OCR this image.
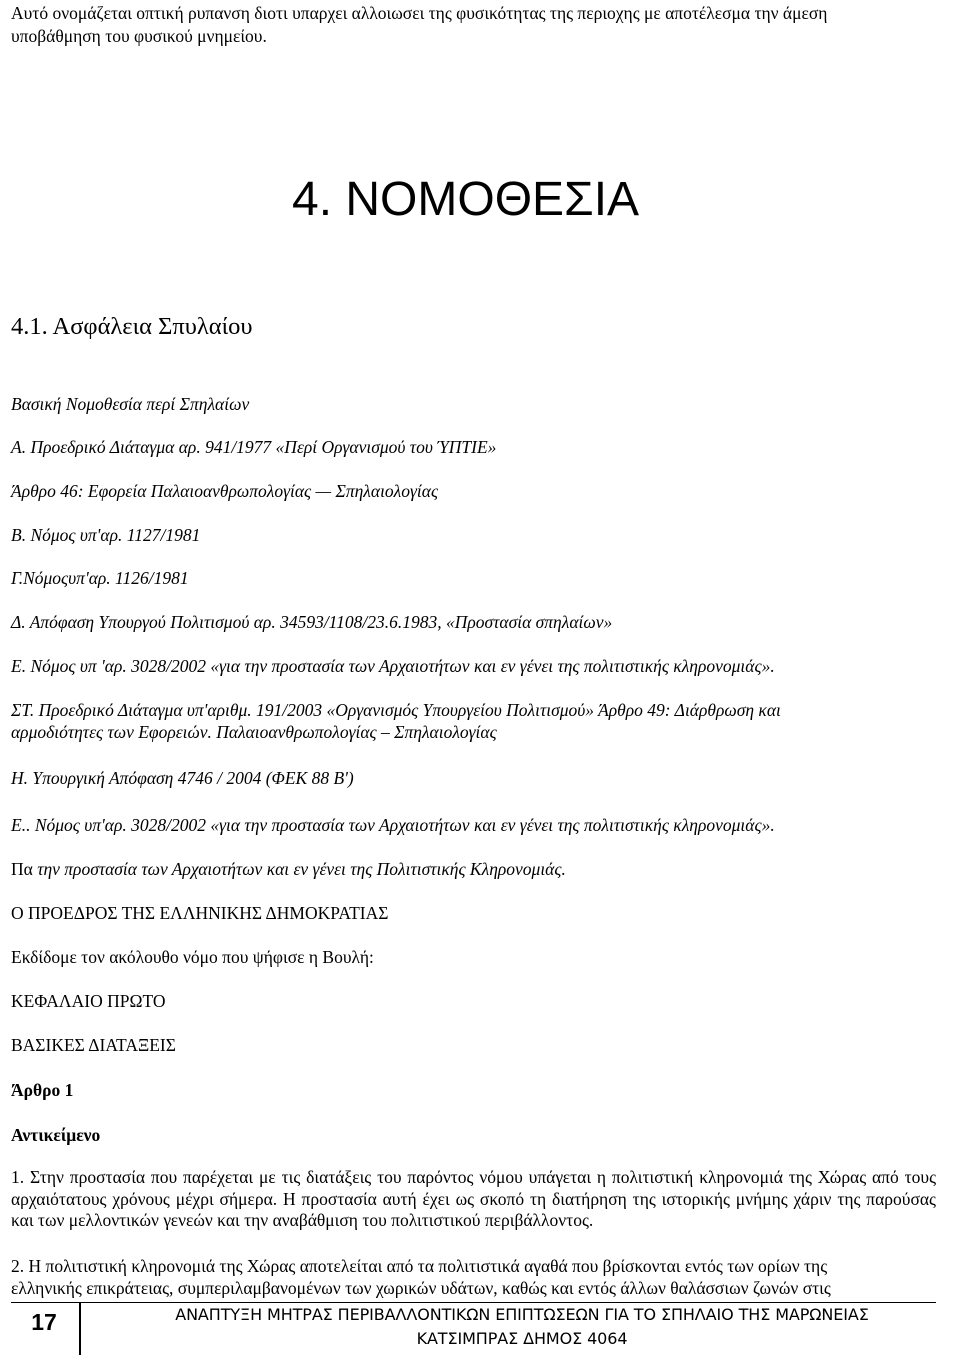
Αυτό ονομάζεται οπτική ρυπανση διοτι υπαρχει αλλοιωσει της φυσικότητας της περιοχης με αποτέλεσμα την άμεση
υποβάθμηση του φυσικού μνημείου.
4. ΝΟΜΟΘΕΣΙΑ
4.1. Ασφάλεια Σπυλαίου
Βασική Νομοθεσία περί Σπηλαίων
Α. Προεδρικό Διάταγμα αρ. 941/1977 «Περί Οργανισμού του ΎΠΤΙΕ»
Άρθρο 46: Εφορεία Παλαιοανθρωπολογίας — Σπηλαιολογίας
Β. Νόμος υπ'αρ. 1127/1981
Γ.Νόμοςυπ'αρ. 1126/1981
Δ. Απόφαση Υπουργού Πολιτισμού αρ. 34593/1108/23.6.1983, «Προστασία σπηλαίων»
Ε. Νόμος υπ 'αρ. 3028/2002 «για την προστασία των Αρχαιοτήτων και εν γένει της πολιτιστικής κληρονομιάς».
ΣΤ. Προεδρικό Διάταγμα υπ'αριθμ. 191/2003 «Οργανισμός Υπουργείου Πολιτισμού» Άρθρο 49: Διάρθρωση και
αρμοδιότητες των Εφορειών. Παλαιοανθρωπολογίας – Σπηλαιολογίας
Η. Υπουργική Απόφαση 4746 / 2004 (ΦΕΚ 88 Β')
Ε.. Νόμος υπ'αρ. 3028/2002 «για την προστασία των Αρχαιοτήτων και εν γένει της πολιτιστικής κληρονομιάς».
Πα την προστασία των Αρχαιοτήτων και εν γένει της Πολιτιστικής Κληρονομιάς.
Ο ΠΡΟΕΔΡΟΣ ΤΗΣ ΕΛΛΗΝΙΚΗΣ ΔΗΜΟΚΡΑΤΙΑΣ
Εκδίδομε τον ακόλουθο νόμο που ψήφισε η Βουλή:
ΚΕΦΑΛΑΙΟ ΠΡΩΤΟ
ΒΑΣΙΚΕΣ ΔΙΑΤΑΞΕΙΣ
Άρθρο 1
Αντικείμενο
1. Στην προστασία που παρέχεται με τις διατάξεις του παρόντος νόμου υπάγεται η πολιτιστική κληρονομιά της Χώρας από τους αρχαιότατους χρόνους μέχρι σήμερα. Η προστασία αυτή έχει ως σκοπό τη διατήρηση της ιστορικής μνήμης χάριν της παρούσας και των μελλοντικών γενεών και την αναβάθμιση του πολιτιστικού περιβάλλοντος.
2. Η πολιτιστική κληρονομιά της Χώρας αποτελείται από τα πολιτιστικά αγαθά που βρίσκονται εντός των ορίων της
ελληνικής επικράτειας, συμπεριλαμβανομένων των χωρικών υδάτων, καθώς και εντός άλλων θαλάσσιων ζωνών στις
17	ΑΝΑΠΤΥΞΗ ΜΗΤΡΑΣ ΠΕΡΙΒΑΛΛΟΝΤΙΚΩΝ ΕΠΙΠΤΩΣΕΩΝ ΓΙΑ ΤΟ ΣΠΗΛΑΙΟ ΤΗΣ ΜΑΡΩΝΕΙΑΣ
ΚΑΤΣΙΜΠΡΑΣ ΔΗΜΟΣ 4064
